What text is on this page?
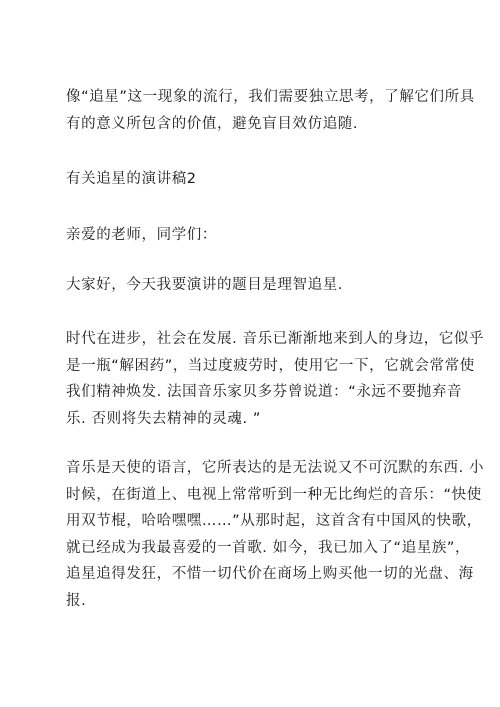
像“追星”这一现象的流行，我们需要独立思考，了解它们所具
有的意义所包含的价值，避免盲目效仿追随.

有关追星的演讲稿2

亲爱的老师，同学们：

大家好，今天我要演讲的题目是理智追星.

时代在进步，社会在发展. 音乐已渐渐地来到人的身边，它似乎
是一瓶“解困药”，当过度疲劳时，使用它一下，它就会常常使
我们精神焕发. 法国音乐家贝多芬曾说道：“永远不要抛弃音
乐. 否则将失去精神的灵魂. ”

音乐是天使的语言，它所表达的是无法说又不可沉默的东西. 小
时候，在街道上、电视上常常听到一种无比绚烂的音乐：“快使
用双节棍，哈哈嘿嘿……”从那时起，这首含有中国风的快歌，
就已经成为我最喜爱的一首歌. 如今，我已加入了“追星族”，
追星追得发狂，不惜一切代价在商场上购买他一切的光盘、海
报.
